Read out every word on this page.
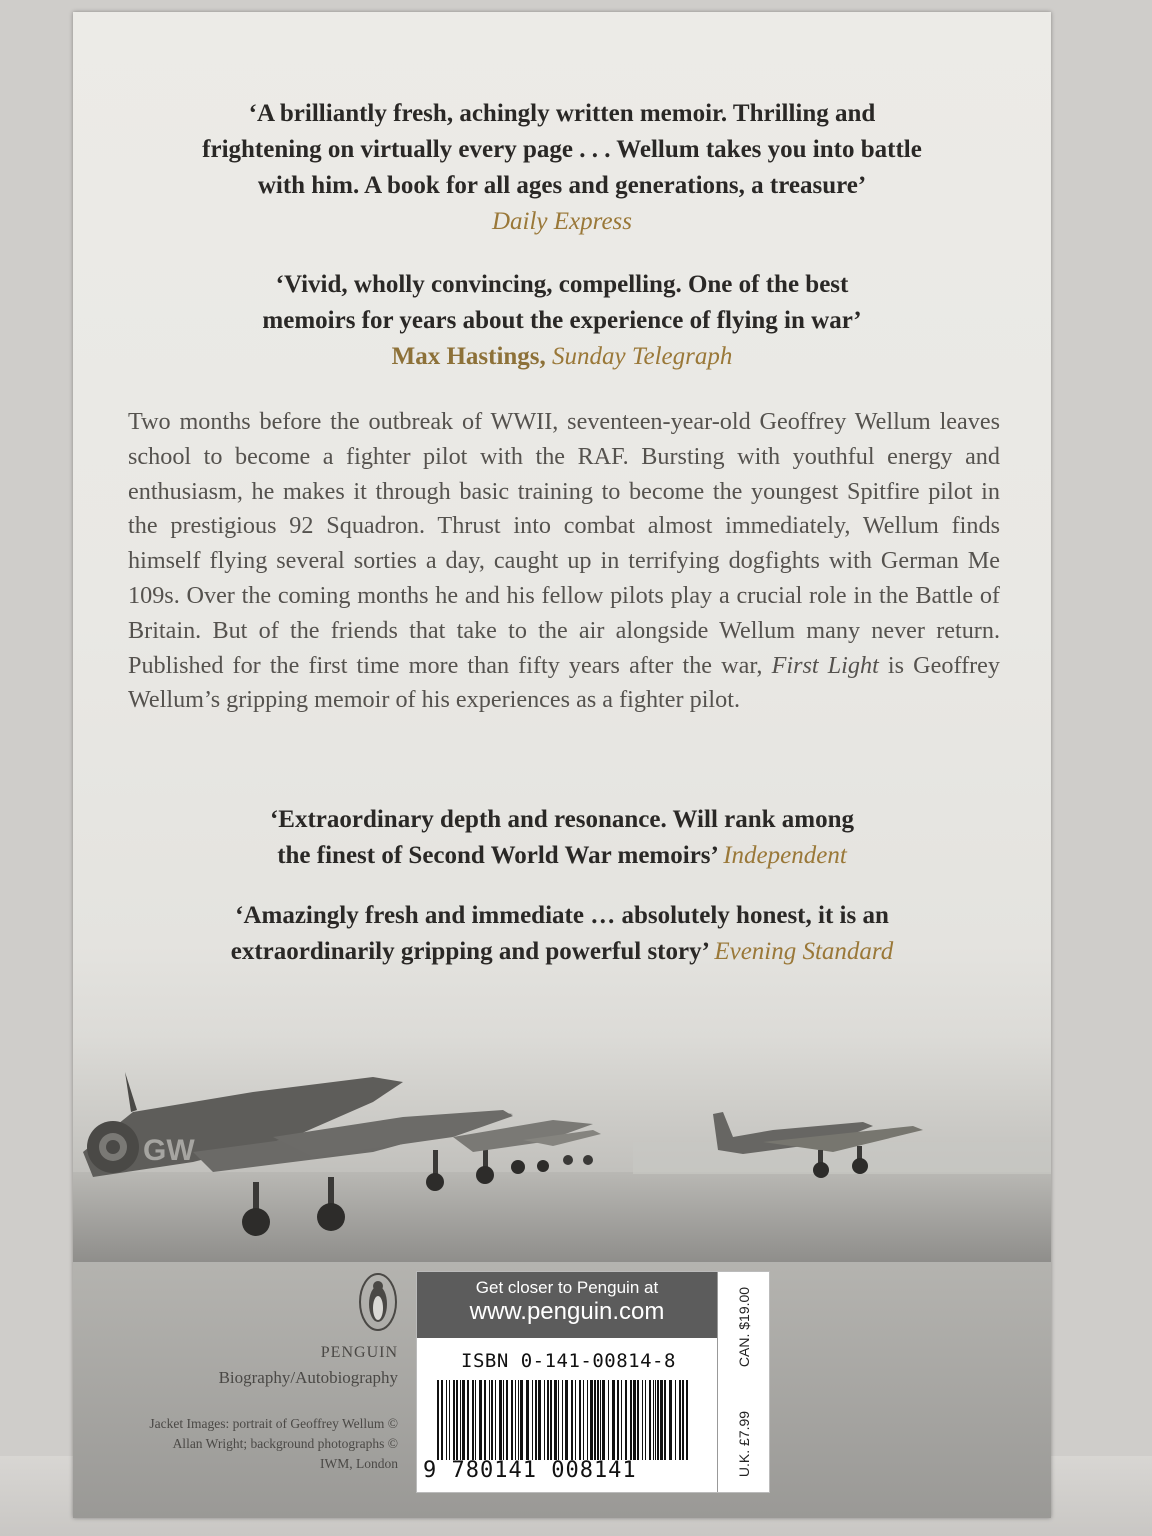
‘A brilliantly fresh, achingly written memoir. Thrilling and
frightening on virtually every page . . . Wellum takes you into battle
with him. A book for all ages and generations, a treasure’
Daily Express
‘Vivid, wholly convincing, compelling. One of the best
memoirs for years about the experience of flying in war’
Max Hastings, Sunday Telegraph
Two months before the outbreak of WWII, seventeen-year-old Geoffrey Wellum leaves school to become a fighter pilot with the RAF. Bursting with youthful energy and enthusiasm, he makes it through basic training to become the youngest Spitfire pilot in the prestigious 92 Squadron. Thrust into combat almost immediately, Wellum finds himself flying several sorties a day, caught up in terrifying dogfights with German Me 109s. Over the coming months he and his fellow pilots play a crucial role in the Battle of Britain. But of the friends that take to the air alongside Wellum many never return. Published for the first time more than fifty years after the war, First Light is Geoffrey Wellum’s gripping memoir of his experiences as a fighter pilot.
‘Extraordinary depth and resonance. Will rank among
the finest of Second World War memoirs’ Independent
‘Amazingly fresh and immediate … absolutely honest, it is an
extraordinarily gripping and powerful story’ Evening Standard
GW
PENGUIN
Biography/Autobiography
Jacket Images: portrait of Geoffrey Wellum © Allan Wright; background photographs © IWM, London
Get closer to Penguin at
www.penguin.com
ISBN 0-141-00814-8
9 780141 008141	U.K. £7.99 CAN. $19.00
